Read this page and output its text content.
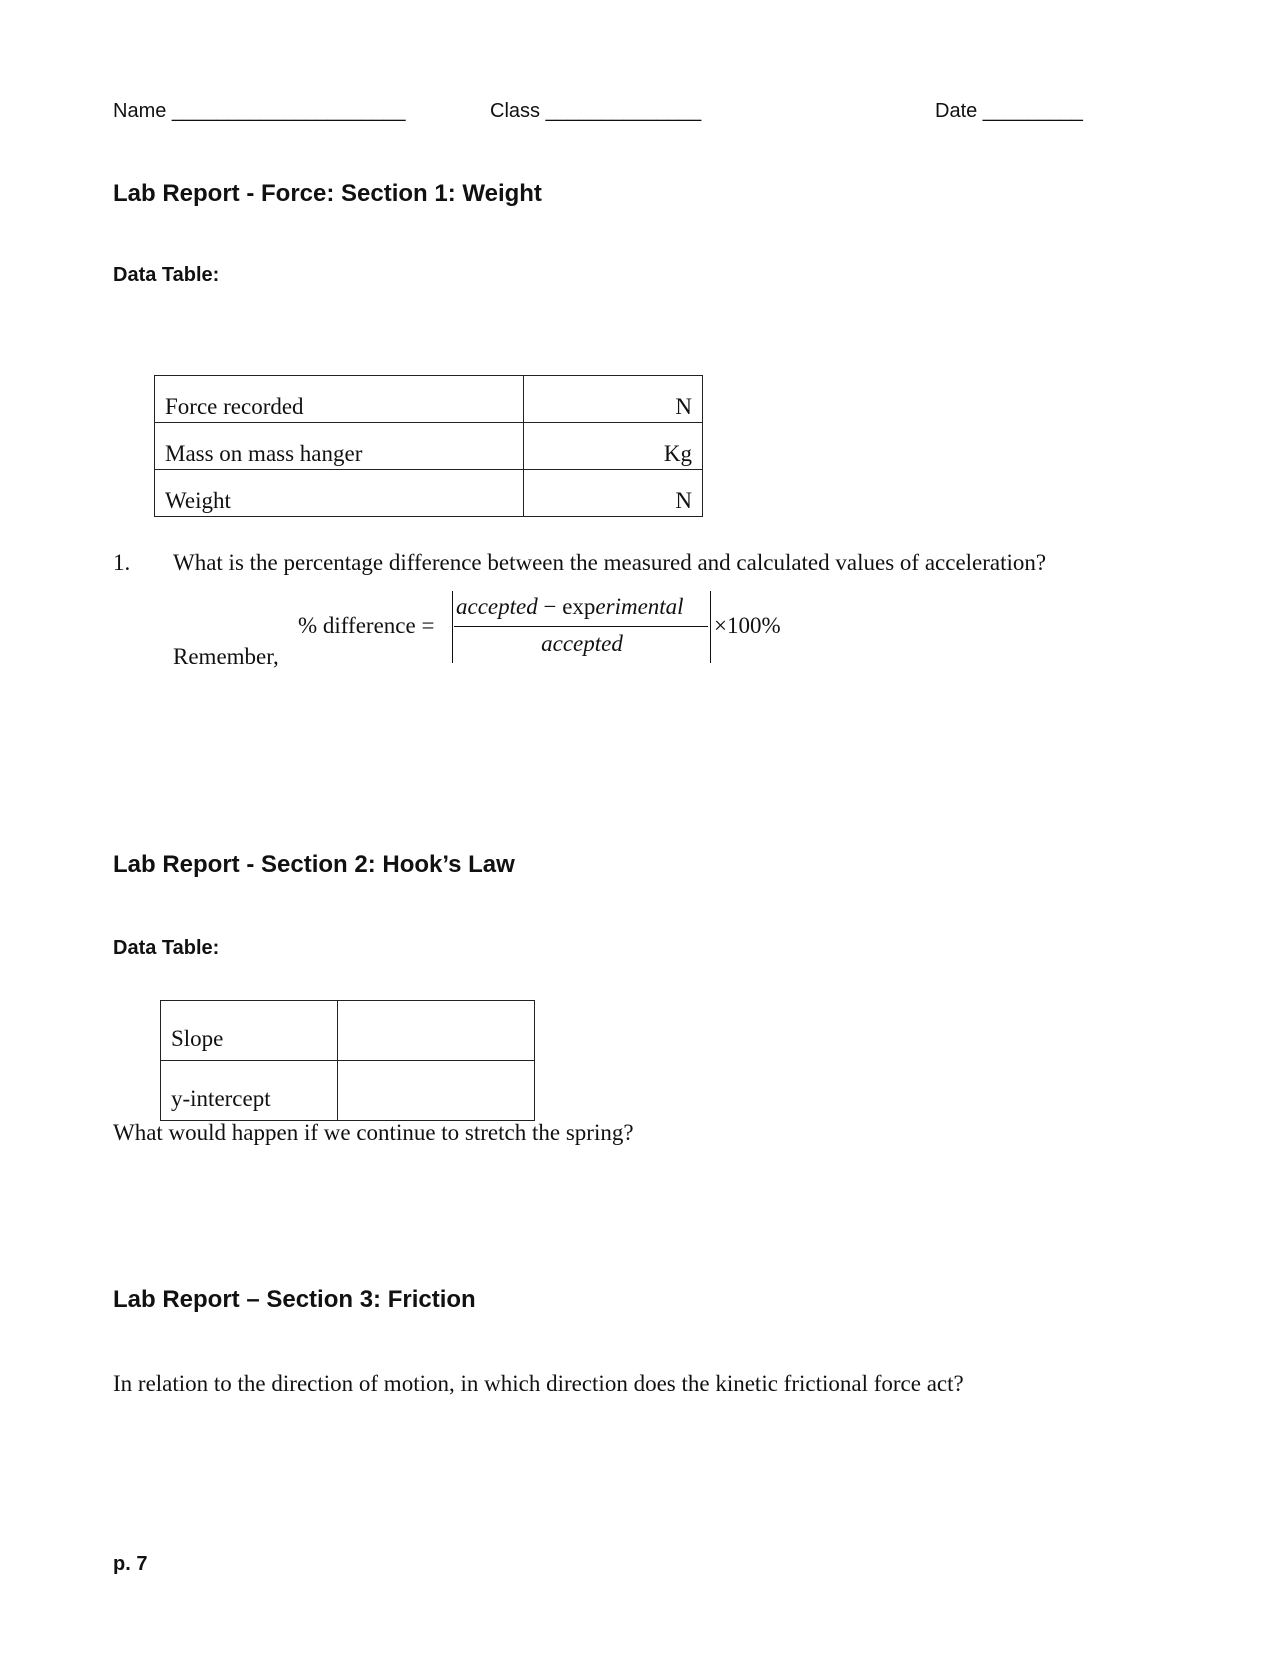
Name _____________________	Class ______________	Date _________
Lab Report - Force: Section 1: Weight
Data Table:
Force recorded	N
Mass on mass hanger	Kg
Weight	N
1. What is the percentage difference between the measured and calculated values of acceleration?
% difference =
accepted − experimental
accepted
×100%
Remember,
Lab Report - Section 2: Hook’s Law
Data Table:
Slope	
y-intercept	
What would happen if we continue to stretch the spring?
Lab Report – Section 3: Friction
In relation to the direction of motion, in which direction does the kinetic frictional force act?
p. 7
